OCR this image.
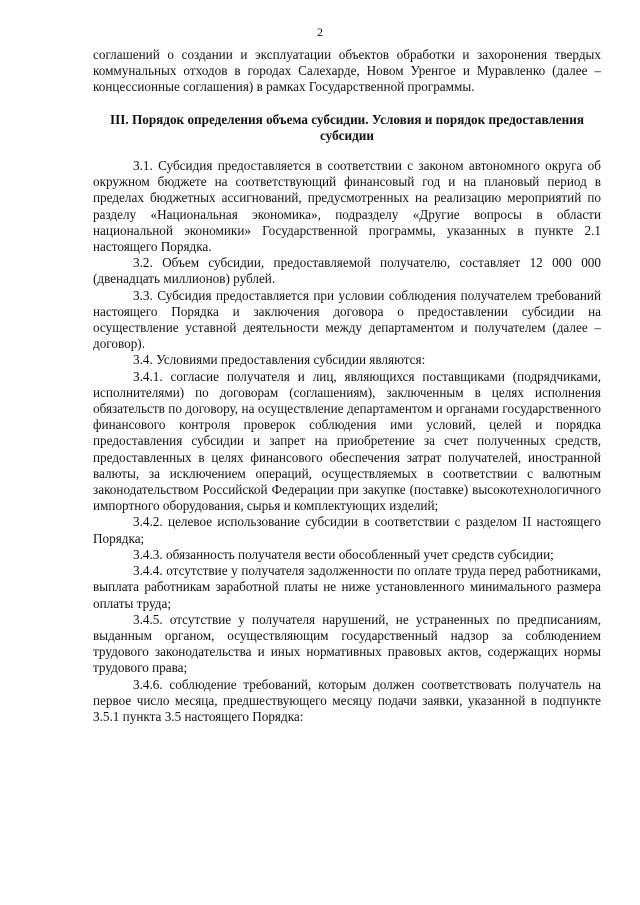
2

соглашений о создании и эксплуатации объектов обработки и захоронения твердых коммунальных отходов в городах Салехарде, Новом Уренгое и Муравленко (далее – концессионные соглашения) в рамках Государственной программы.

III. Порядок определения объема субсидии. Условия и порядок предоставления субсидии

3.1. Субсидия предоставляется в соответствии с законом автономного округа об окружном бюджете на соответствующий финансовый год и на плановый период в пределах бюджетных ассигнований, предусмотренных на реализацию мероприятий по разделу «Национальная экономика», подразделу «Другие вопросы в области национальной экономики» Государственной программы, указанных в пункте 2.1 настоящего Порядка.

3.2. Объем субсидии, предоставляемой получателю, составляет 12 000 000 (двенадцать миллионов) рублей.

3.3. Субсидия предоставляется при условии соблюдения получателем требований настоящего Порядка и заключения договора о предоставлении субсидии на осуществление уставной деятельности между департаментом и получателем (далее – договор).

3.4. Условиями предоставления субсидии являются:

3.4.1. согласие получателя и лиц, являющихся поставщиками (подрядчиками, исполнителями) по договорам (соглашениям), заключенным в целях исполнения обязательств по договору, на осуществление департаментом и органами государственного финансового контроля проверок соблюдения ими условий, целей и порядка предоставления субсидии и запрет на приобретение за счет полученных средств, предоставленных в целях финансового обеспечения затрат получателей, иностранной валюты, за исключением операций, осуществляемых в соответствии с валютным законодательством Российской Федерации при закупке (поставке) высокотехнологичного импортного оборудования, сырья и комплектующих изделий;

3.4.2. целевое использование субсидии в соответствии с разделом II настоящего Порядка;

3.4.3. обязанность получателя вести обособленный учет средств субсидии;

3.4.4. отсутствие у получателя задолженности по оплате труда перед работниками, выплата работникам заработной платы не ниже установленного минимального размера оплаты труда;

3.4.5. отсутствие у получателя нарушений, не устраненных по предписаниям, выданным органом, осуществляющим государственный надзор за соблюдением трудового законодательства и иных нормативных правовых актов, содержащих нормы трудового права;

3.4.6. соблюдение требований, которым должен соответствовать получатель на первое число месяца, предшествующего месяцу подачи заявки, указанной в подпункте 3.5.1 пункта 3.5 настоящего Порядка:
